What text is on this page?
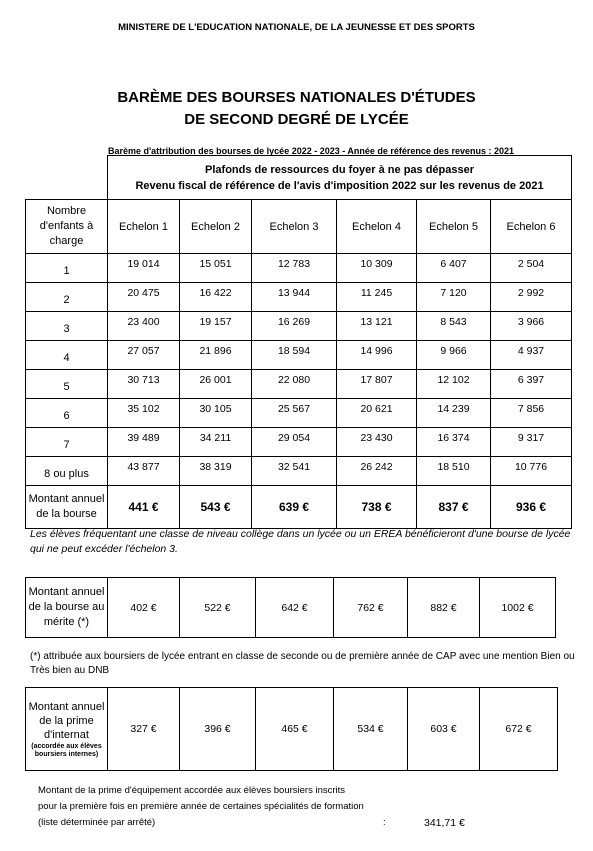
MINISTERE DE L'EDUCATION NATIONALE, DE LA JEUNESSE ET DES SPORTS
BARÈME DES BOURSES NATIONALES D'ÉTUDES
DE SECOND DEGRÉ DE LYCÉE
Barème d'attribution des bourses de lycée 2022 - 2023 - Année de référence des revenus : 2021

	Plafonds de ressources du foyer à ne pas dépasser
Revenu fiscal de référence de l'avis d'imposition 2022 sur les revenus de 2021					

Nombre
d'enfants à
charge	Echelon 1	Echelon 2	Echelon 3	Echelon 4	Echelon 5	Echelon 6
1	19 014	15 051	12 783	10 309	6 407	2 504
2	20 475	16 422	13 944	11 245	7 120	2 992
3	23 400	19 157	16 269	13 121	8 543	3 966
4	27 057	21 896	18 594	14 996	9 966	4 937
5	30 713	26 001	22 080	17 807	12 102	6 397
6	35 102	30 105	25 567	20 621	14 239	7 856
7	39 489	34 211	29 054	23 430	16 374	9 317
8 ou plus	43 877	38 319	32 541	26 242	18 510	10 776

Montant annuel
de la bourse	441 €	543 €	639 €	738 €	837 €	936 €
Les élèves fréquentant une classe de niveau collège dans un lycée ou un EREA bénéficieront d'une bourse de lycée qui ne peut excéder l'échelon 3.
Montant annuel
de la bourse au
mérite (*)
	402 €	522 €	642 €	762 €	882 €	1002 €
(*) attribuée aux boursiers de lycée entrant en classe de seconde ou de première année de CAP avec une mention Bien ou Très bien au DNB
Montant annuel
de la prime
d'internat
(accordée aux élèves boursiers internes)
	327 €	396 €	465 €	534 €	603 €	672 €
Montant de la prime d'équipement accordée aux élèves boursiers inscrits
pour la première fois en première année de certaines spécialités de formation
(liste déterminée par arrêté)	:	341,71 €
